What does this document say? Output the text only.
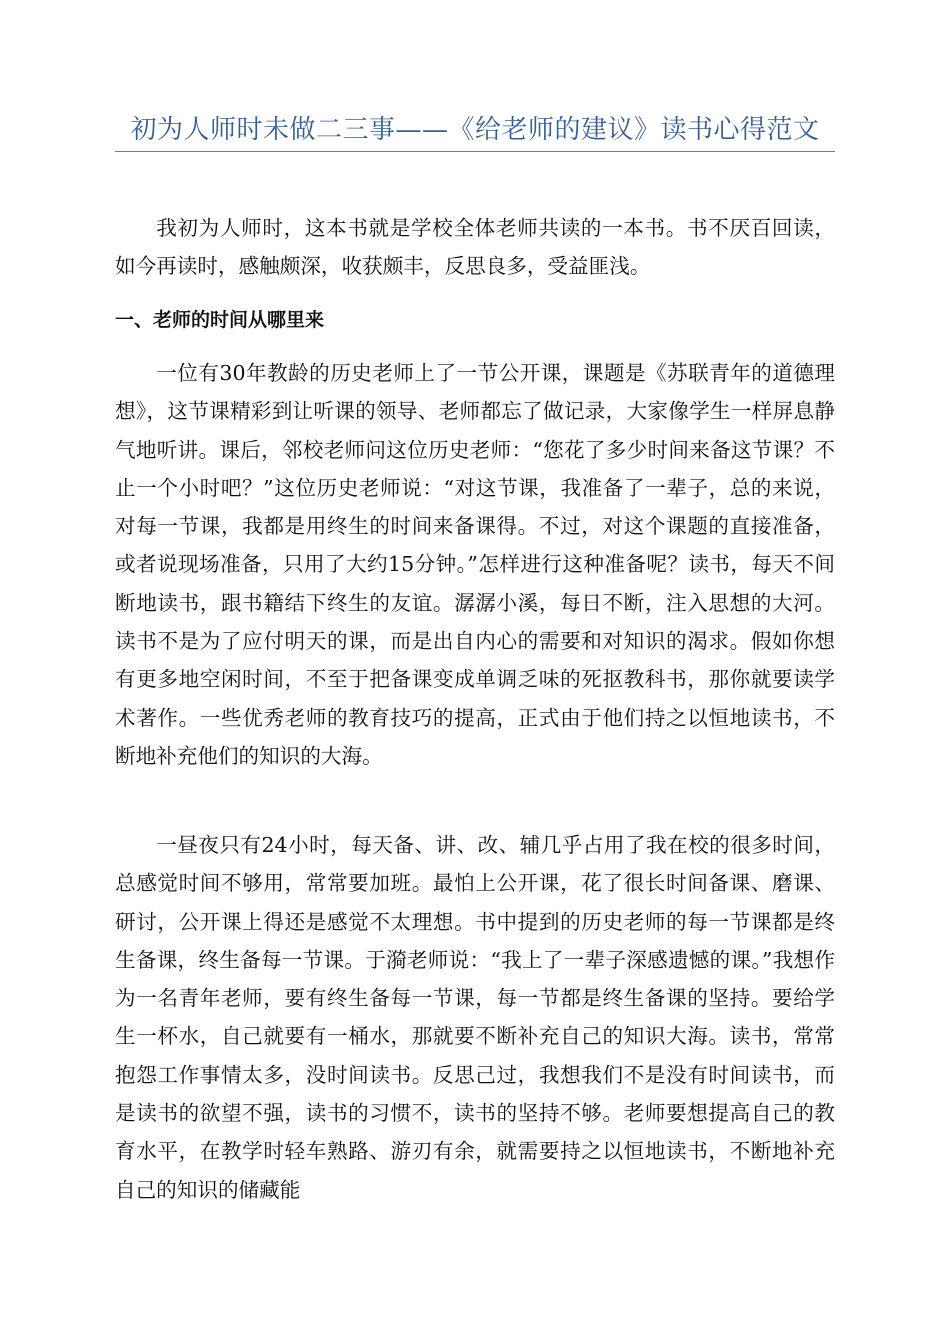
初为人师时未做二三事——《给老师的建议》读书心得范文

我初为人师时，这本书就是学校全体老师共读的一本书。书不厌百回读，如今再读时，感触颇深，收获颇丰，反思良多，受益匪浅。

一、老师的时间从哪里来

一位有30年教龄的历史老师上了一节公开课，课题是《苏联青年的道德理想》，这节课精彩到让听课的领导、老师都忘了做记录，大家像学生一样屏息静气地听讲。课后，邻校老师问这位历史老师：“您花了多少时间来备这节课？不止一个小时吧？”这位历史老师说：“对这节课，我准备了一辈子，总的来说，对每一节课，我都是用终生的时间来备课得。不过，对这个课题的直接准备，或者说现场准备，只用了大约15分钟。”怎样进行这种准备呢？读书，每天不间断地读书，跟书籍结下终生的友谊。潺潺小溪，每日不断，注入思想的大河。读书不是为了应付明天的课，而是出自内心的需要和对知识的渴求。假如你想有更多地空闲时间，不至于把备课变成单调乏味的死抠教科书，那你就要读学术著作。一些优秀老师的教育技巧的提高，正式由于他们持之以恒地读书，不断地补充他们的知识的大海。

一昼夜只有24小时，每天备、讲、改、辅几乎占用了我在校的很多时间，总感觉时间不够用，常常要加班。最怕上公开课，花了很长时间备课、磨课、研讨，公开课上得还是感觉不太理想。书中提到的历史老师的每一节课都是终生备课，终生备每一节课。于漪老师说：“我上了一辈子深感遗憾的课。”我想作为一名青年老师，要有终生备每一节课，每一节都是终生备课的坚持。要给学生一杯水，自己就要有一桶水，那就要不断补充自己的知识大海。读书，常常抱怨工作事情太多，没时间读书。反思己过，我想我们不是没有时间读书，而是读书的欲望不强，读书的习惯不，读书的坚持不够。老师要想提高自己的教育水平，在教学时轻车熟路、游刃有余，就需要持之以恒地读书，不断地补充自己的知识的储藏能
